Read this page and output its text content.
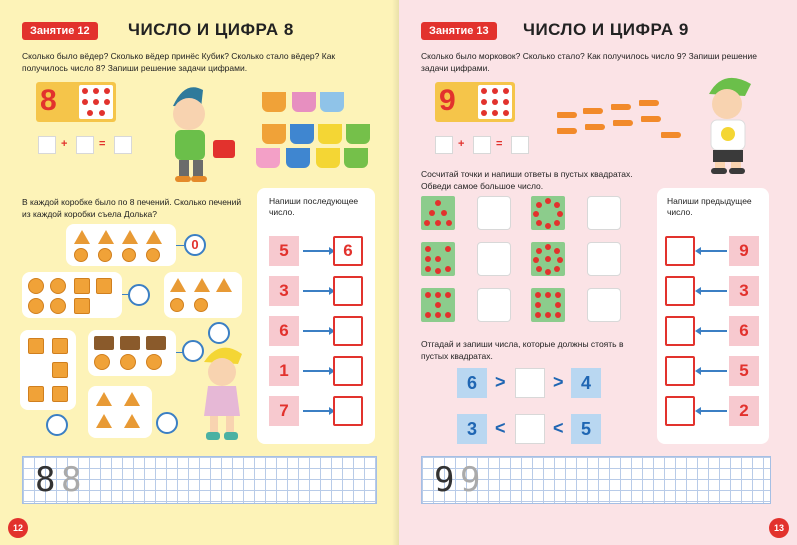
Занятие 12	ЧИСЛО И ЦИФРА 8
Сколько было вёдер? Сколько вёдер принёс Кубик? Сколько стало вёдер? Как получилось число 8? Запиши решение задачи цифрами.
8
+	=
В каждой коробке было по 8 печений. Сколько печений из каждой коробки съела Долька?
0
Напиши последующее число.
5	6
3
6
1
7
8 8
12
Занятие 13	ЧИСЛО И ЦИФРА 9
Сколько было морковок? Сколько стало? Как получилось число 9? Запиши решение задачи цифрами.
9
+	=
Сосчитай точки и напиши ответы в пустых квадратах. Обведи самое большое число.
Отгадай и запиши числа, которые должны стоять в пустых квадратах.
6	>	> 4
3	<	< 5
Напиши предыдущее число.
9
3
6
5
2
9 9
13
